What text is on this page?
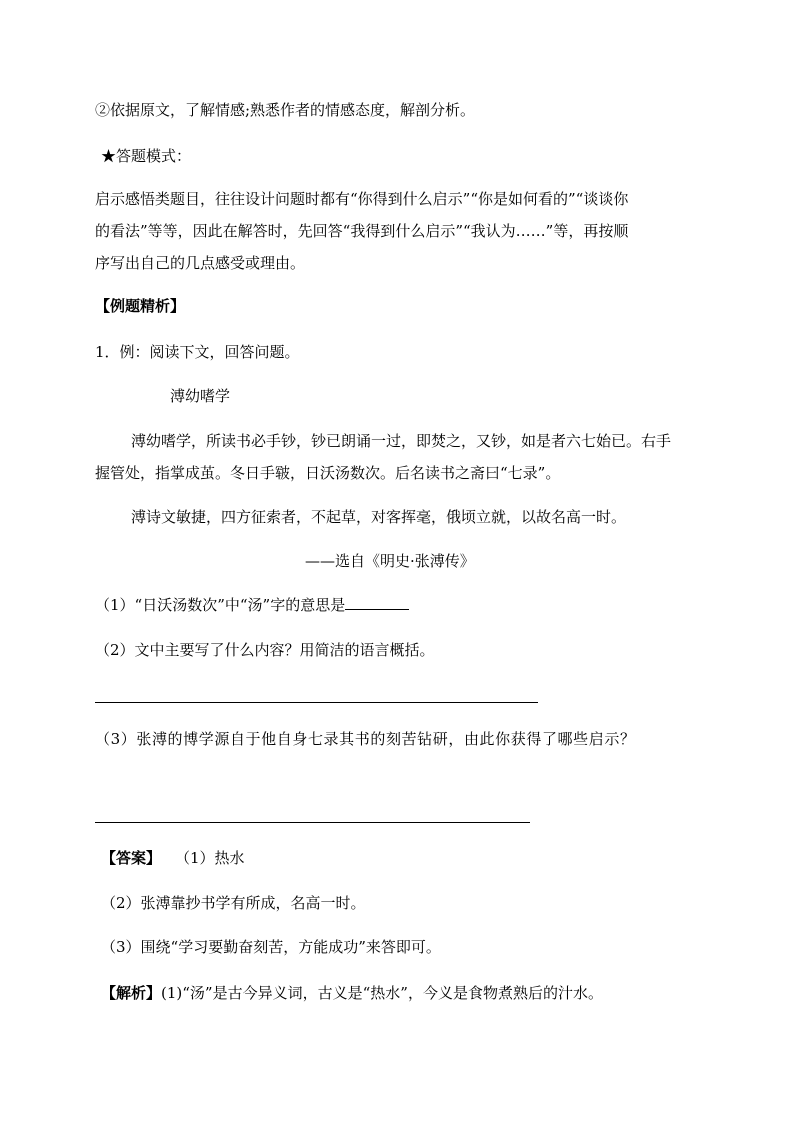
②依据原文，了解情感;熟悉作者的情感态度，解剖分析。
★答题模式：
启示感悟类题目，往往设计问题时都有“你得到什么启示”“你是如何看的”“谈谈你
的看法”等等，因此在解答时，先回答“我得到什么启示”“我认为……”等，再按顺
序写出自己的几点感受或理由。
【例题精析】
1．例：阅读下文，回答问题。
溥幼嗜学
溥幼嗜学，所读书必手钞，钞已朗诵一过，即焚之，又钞，如是者六七始已。右手
握管处，指掌成茧。冬日手皲，日沃汤数次。后名读书之斋曰“七录”。
溥诗文敏捷，四方征索者，不起草，对客挥毫，俄顷立就，以故名高一时。
——选自《明史·张溥传》
（1）“日沃汤数次”中“汤”字的意思是
（2）文中主要写了什么内容？用简洁的语言概括。
（3）张溥的博学源自于他自身七录其书的刻苦钻研，由此你获得了哪些启示？
【答案】 （1）热水
（2）张溥靠抄书学有所成，名高一时。
（3）围绕“学习要勤奋刻苦，方能成功”来答即可。
【解析】(1)“汤”是古今异义词，古义是“热水”，今义是食物煮熟后的汁水。
